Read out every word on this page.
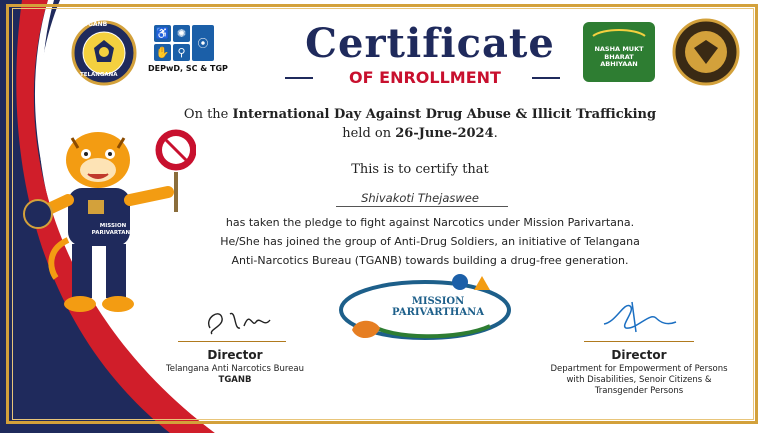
TGANB
TELANGANA
♿ ✺
✋ ⚲
⦿
DEPwD, SC & TGP
Certificate
OF ENROLLMENT
NASHA MUKT
BHARAT
ABHIYAAN
On the International Day Against Drug Abuse & Illicit Trafficking
held on 26-June-2024.
This is to certify that
Shivakoti Thejaswee
has taken the pledge to fight against Narcotics under Mission Parivartana.
He/She has joined the group of Anti-Drug Soldiers, an initiative of Telangana
Anti-Narcotics Bureau (TGANB) towards building a drug-free generation.
MISSION
PARIVARTANA
MISSION
PARIVARTHANA
Director
Telangana Anti Narcotics Bureau
TGANB
Director
Department for Empowerment of Persons
with Disabilities, Senoir Citizens &
Transgender Persons
